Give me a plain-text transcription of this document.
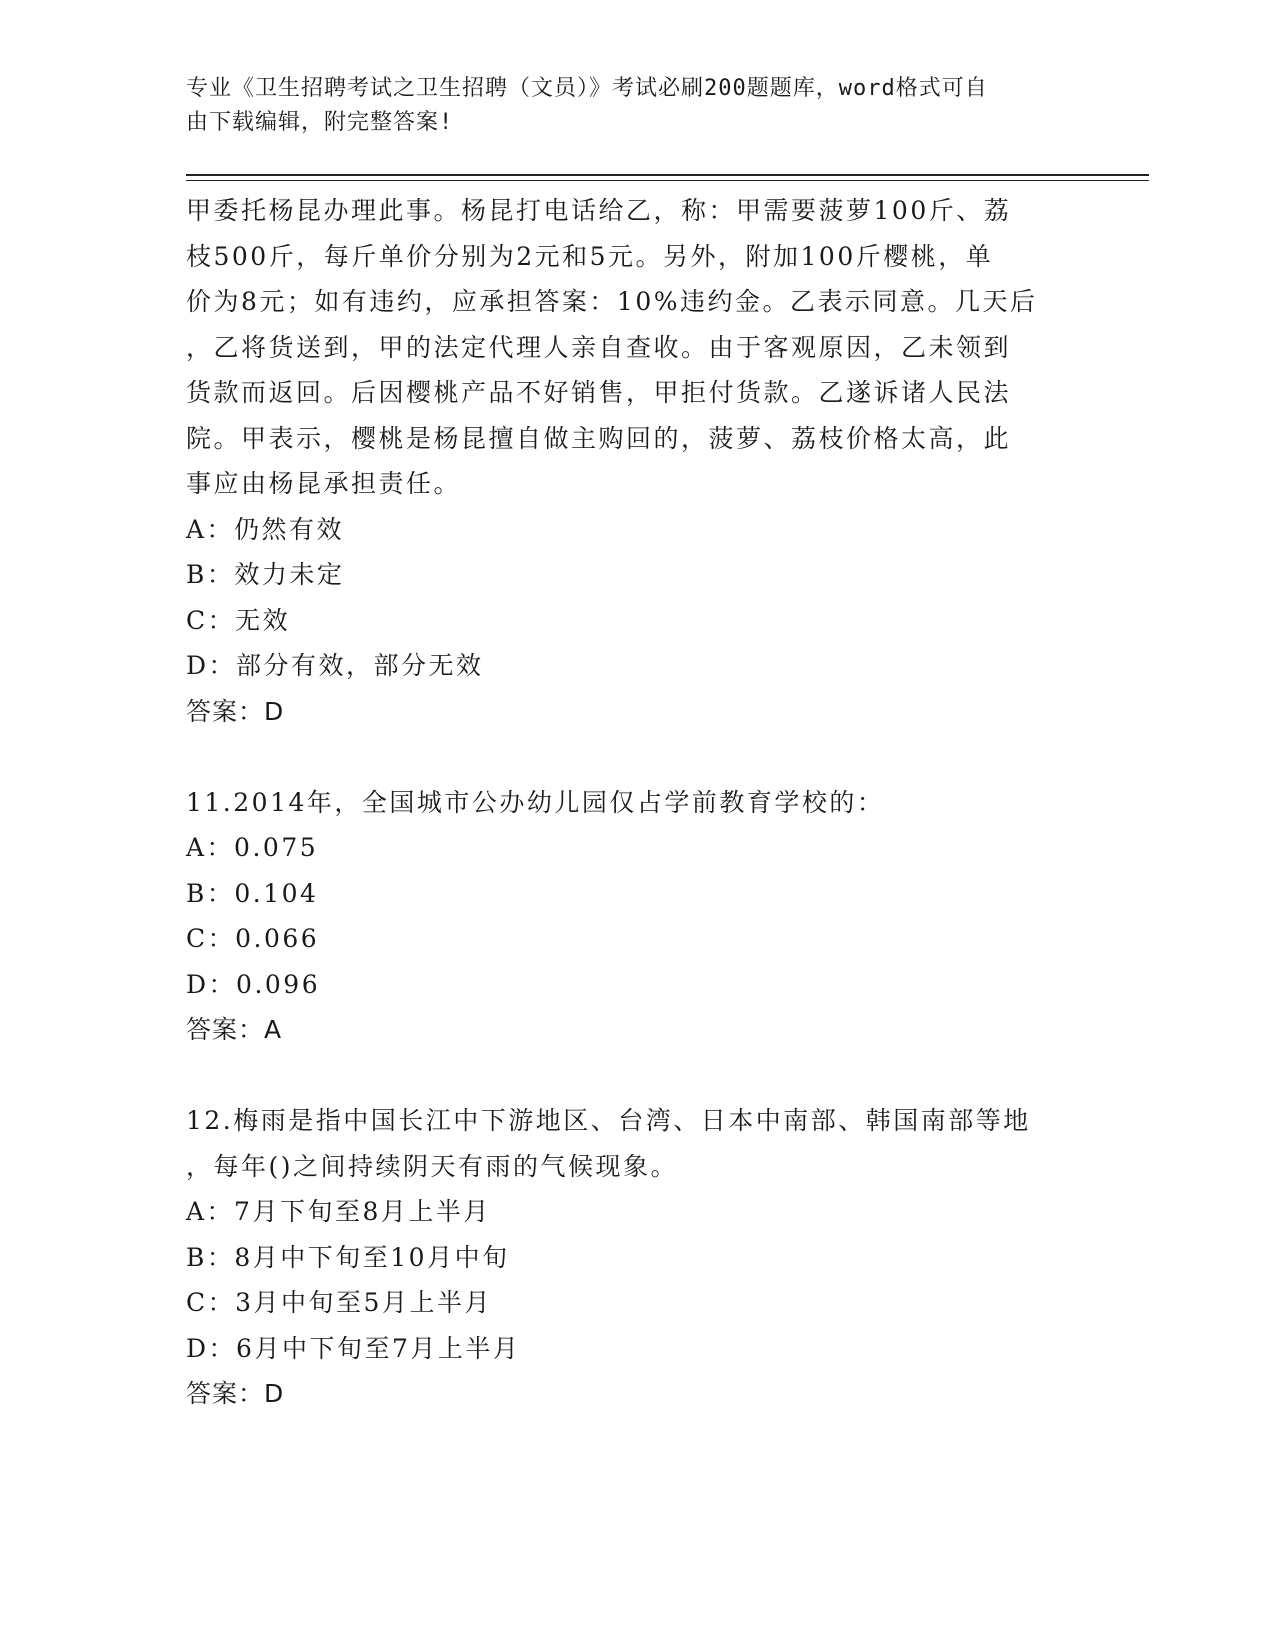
专业《卫生招聘考试之卫生招聘（文员）》考试必刷200题题库，word格式可自
由下载编辑，附完整答案!

甲委托杨昆办理此事。杨昆打电话给乙，称：甲需要菠萝100斤、荔

枝500斤，每斤单价分别为2元和5元。另外，附加100斤樱桃，单

价为8元；如有违约，应承担答案：10%违约金。乙表示同意。几天后

，乙将货送到，甲的法定代理人亲自查收。由于客观原因，乙未领到

货款而返回。后因樱桃产品不好销售，甲拒付货款。乙遂诉诸人民法

院。甲表示，樱桃是杨昆擅自做主购回的，菠萝、荔枝价格太高，此

事应由杨昆承担责任。

A：仍然有效

B：效力未定

C：无效

D：部分有效，部分无效

答案：D

11.2014年，全国城市公办幼儿园仅占学前教育学校的：

A：0.075

B：0.104

C：0.066

D：0.096

答案：A

12.梅雨是指中国长江中下游地区、台湾、日本中南部、韩国南部等地

，每年()之间持续阴天有雨的气候现象。

A：7月下旬至8月上半月

B：8月中下旬至10月中旬

C：3月中旬至5月上半月

D：6月中下旬至7月上半月

答案：D
